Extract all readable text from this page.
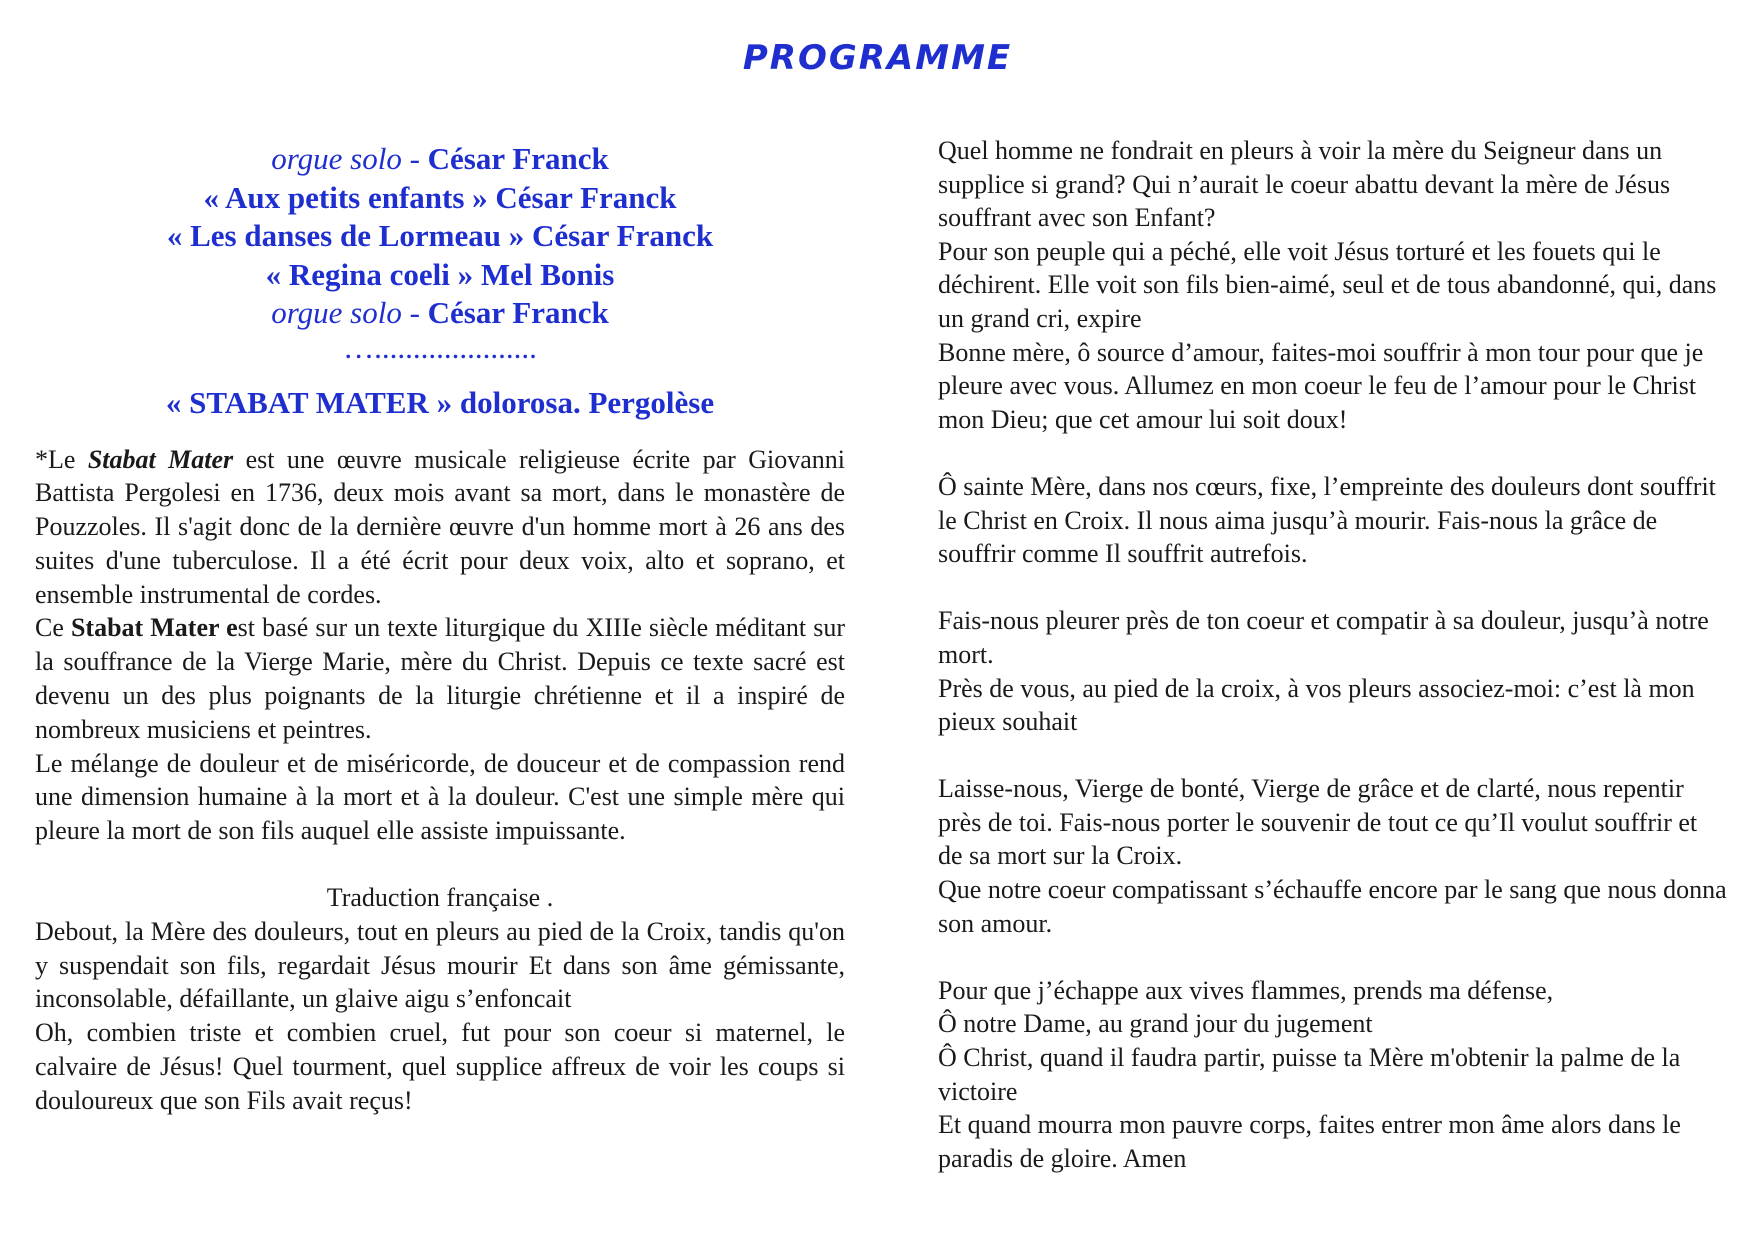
PROGRAMME
orgue solo - César Franck
« Aux petits enfants » César Franck
« Les danses de Lormeau » César Franck
« Regina coeli » Mel Bonis
orgue solo - César Franck
….....................
« STABAT MATER » dolorosa. Pergolèse

*Le Stabat Mater est une œuvre musicale religieuse écrite par Giovanni Battista Pergolesi en 1736, deux mois avant sa mort, dans le monastère de Pouzzoles. Il s'agit donc de la dernière œuvre d'un homme mort à 26 ans des suites d'une tuberculose. Il a été écrit pour deux voix, alto et soprano, et ensemble instrumental de cordes.

Ce Stabat Mater est basé sur un texte liturgique du XIIIe siècle méditant sur la souffrance de la Vierge Marie, mère du Christ. Depuis ce texte sacré est devenu un des plus poignants de la liturgie chrétienne et il a inspiré de nombreux musiciens et peintres.

Le mélange de douleur et de miséricorde, de douceur et de compassion rend une dimension humaine à la mort et à la douleur. C'est une simple mère qui pleure la mort de son fils auquel elle assiste impuissante.

Traduction française .

Debout, la Mère des douleurs, tout en pleurs au pied de la Croix, tandis qu'on y suspendait son fils, regardait Jésus mourir Et dans son âme gémissante, inconsolable, défaillante, un glaive aigu s’enfoncait

Oh, combien triste et combien cruel, fut pour son coeur si maternel, le calvaire de Jésus! Quel tourment, quel supplice affreux de voir les coups si douloureux que son Fils avait reçus!

Quel homme ne fondrait en pleurs à voir la mère du Seigneur dans un supplice si grand? Qui n’aurait le coeur abattu devant la mère de Jésus souffrant avec son Enfant?

Pour son peuple qui a péché, elle voit Jésus torturé et les fouets qui le déchirent. Elle voit son fils bien-aimé, seul et de tous abandonné, qui, dans un grand cri, expire

Bonne mère, ô source d’amour, faites-moi souffrir à mon tour pour que je pleure avec vous. Allumez en mon coeur le feu de l’amour pour le Christ mon Dieu; que cet amour lui soit doux!

Ô sainte Mère, dans nos cœurs, fixe, l’empreinte des douleurs dont souffrit le Christ en Croix. Il nous aima jusqu’à mourir. Fais-nous la grâce de souffrir comme Il souffrit autrefois.

Fais-nous pleurer près de ton coeur et compatir à sa douleur, jusqu’à notre mort.

Près de vous, au pied de la croix, à vos pleurs associez-moi: c’est là mon pieux souhait

Laisse-nous, Vierge de bonté, Vierge de grâce et de clarté, nous repentir près de toi. Fais-nous porter le souvenir de tout ce qu’Il voulut souffrir et de sa mort sur la Croix.

Que notre coeur compatissant s’échauffe encore par le sang que nous donna son amour.

Pour que j’échappe aux vives flammes, prends ma défense,

Ô notre Dame, au grand jour du jugement

Ô Christ, quand il faudra partir, puisse ta Mère m'obtenir la palme de la victoire

Et quand mourra mon pauvre corps, faites entrer mon âme alors dans le paradis de gloire. Amen
